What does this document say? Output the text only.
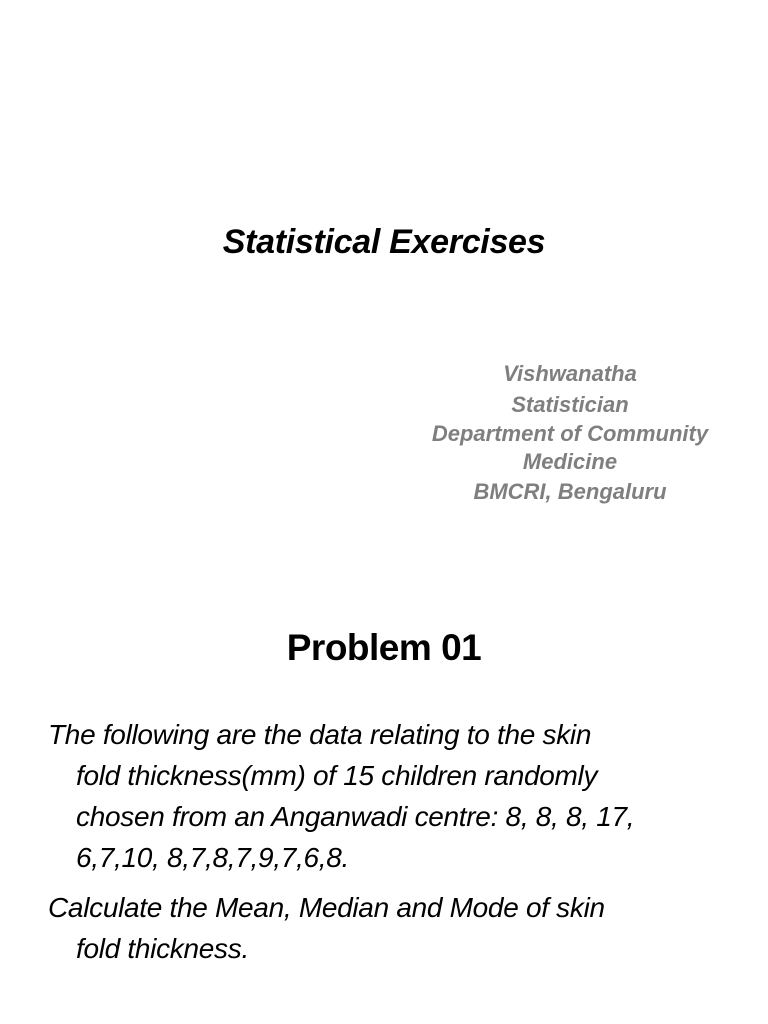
Statistical Exercises
Vishwanatha
Statistician
Department of Community
Medicine
BMCRI, Bengaluru
Problem 01
The following are the data relating to the skin
fold thickness(mm) of 15 children randomly
chosen from an Anganwadi centre: 8, 8, 8, 17,
6,7,10, 8,7,8,7,9,7,6,8.
Calculate the Mean, Median and Mode of skin
fold thickness.
